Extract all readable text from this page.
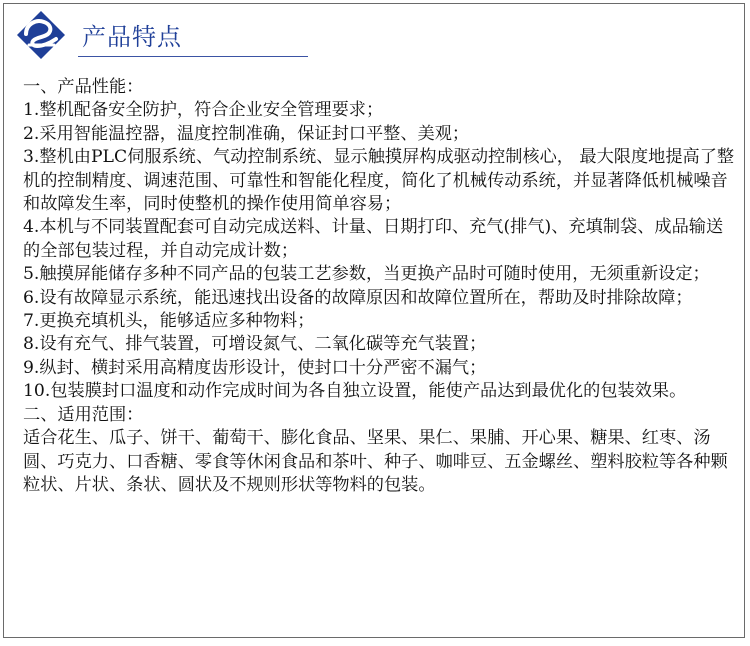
产品特点

一、产品性能：

1.整机配备安全防护，符合企业安全管理要求；

2.采用智能温控器，温度控制准确，保证封口平整、美观；

3.整机由PLC伺服系统、气动控制系统、显示触摸屏构成驱动控制核心， 最大限度地提高了整机的控制精度、调速范围、可靠性和智能化程度，简化了机械传动系统，并显著降低机械噪音和故障发生率，同时使整机的操作使用简单容易；

4.本机与不同装置配套可自动完成送料、计量、日期打印、充气(排气)、充填制袋、成品输送的全部包装过程，并自动完成计数；

5.触摸屏能储存多种不同产品的包装工艺参数，当更换产品时可随时使用，无须重新设定；

6.设有故障显示系统，能迅速找出设备的故障原因和故障位置所在，帮助及时排除故障；

7.更换充填机头，能够适应多种物料；

8.设有充气、排气装置，可增设氮气、二氧化碳等充气装置；

9.纵封、横封采用高精度齿形设计，使封口十分严密不漏气；

10.包装膜封口温度和动作完成时间为各自独立设置，能使产品达到最优化的包装效果。

二、适用范围：

适合花生、瓜子、饼干、葡萄干、膨化食品、坚果、果仁、果脯、开心果、糖果、红枣、汤圆、巧克力、口香糖、零食等休闲食品和茶叶、种子、咖啡豆、五金螺丝、塑料胶粒等各种颗粒状、片状、条状、圆状及不规则形状等物料的包装。
